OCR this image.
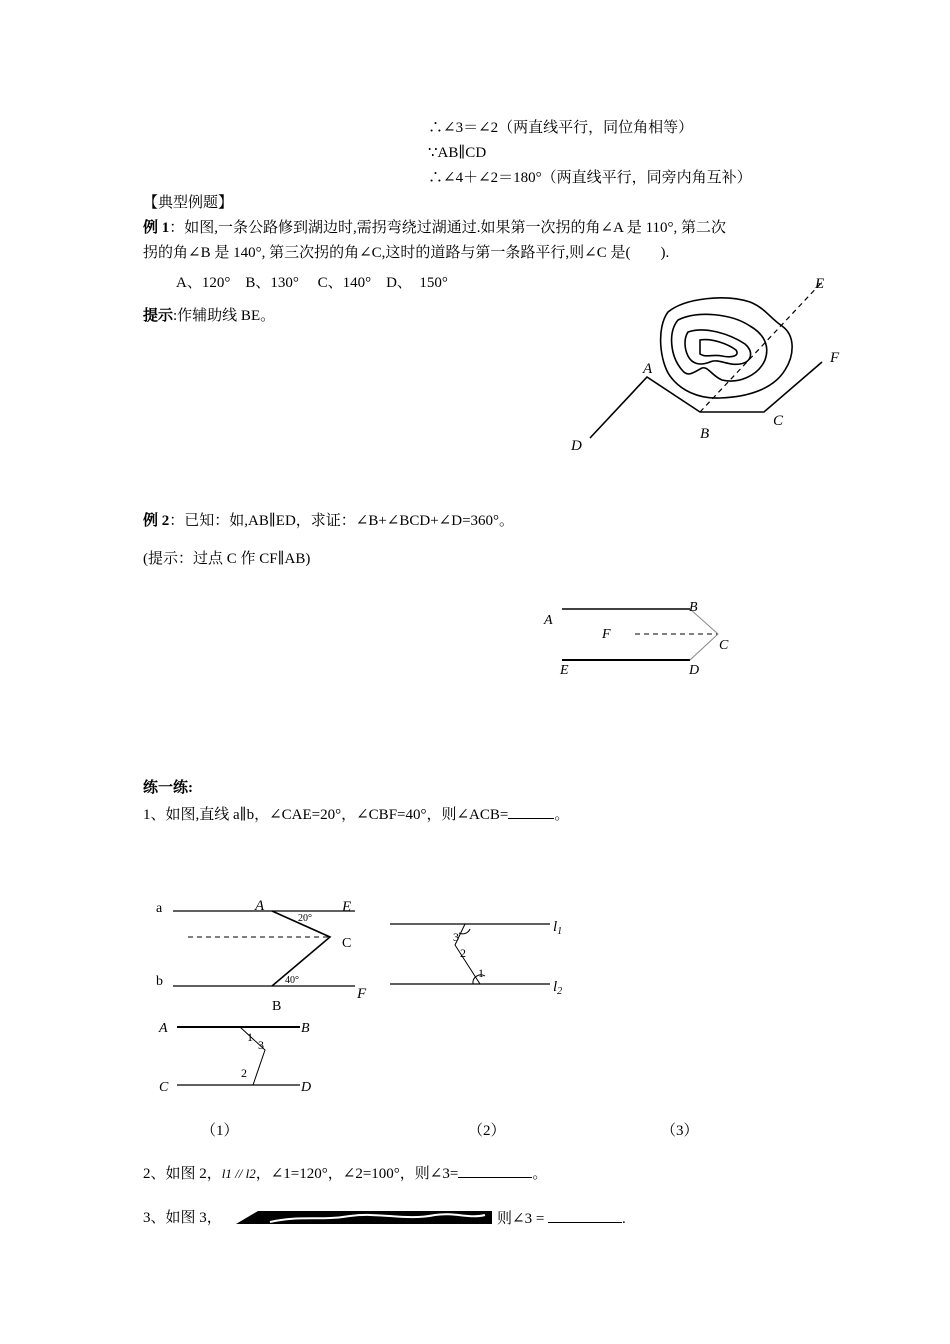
∴∠3＝∠2（两直线平行，同位角相等）
∵AB∥CD
∴∠4＋∠2＝180°（两直线平行，同旁内角互补）
【典型例题】
例 1：如图,一条公路修到湖边时,需拐弯绕过湖通过.如果第一次拐的角∠A 是 110°, 第二次
拐的角∠B 是 140°, 第三次拐的角∠C,这时的道路与第一条路平行,则∠C 是(　　).
A、120°　B、130°　 C、140°　D、　150°
提示:作辅助线 BE。
A
B
C
D
E
F
例 2：已知：如,AB∥ED，求证：∠B+∠BCD+∠D=360°。
(提示：过点 C 作 CF∥AB)
A
B
C
D
E
F
练一练:
1、如图,直线 a∥b，∠CAE=20°，∠CBF=40°，则∠ACB=	。
a
b
A	E
C
B
F
20°
40°
3
2
1
$l_1$
$l_2$
A	B
C	D
1
3
2
（1）	（2）	（3）
2、如图 2，l1 // l2，∠1=120°，∠2=100°，则∠3=	。
3、如图 3，	则∠3 =	.
